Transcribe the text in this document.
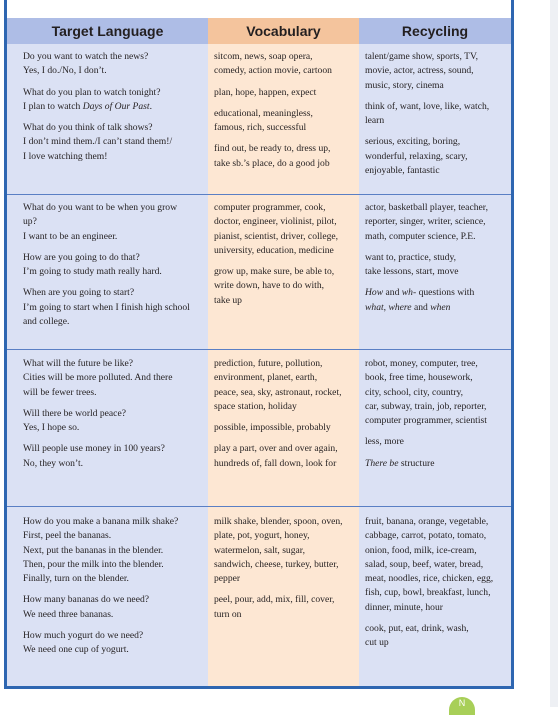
Target Language	Vocabulary	Recycling
Do you want to watch the news?
Yes, I do./No, I don’t.
What do you plan to watch tonight?
I plan to watch Days of Our Past.
What do you think of talk shows?
I don’t mind them./I can’t stand them!/
I love watching them!
sitcom, news, soap opera,
comedy, action movie, cartoon
plan, hope, happen, expect
educational, meaningless,
famous, rich, successful
find out, be ready to, dress up,
take sb.’s place, do a good job
talent/game show, sports, TV,
movie, actor, actress, sound,
music, story, cinema
think of, want, love, like, watch,
learn
serious, exciting, boring,
wonderful, relaxing, scary,
enjoyable, fantastic
What do you want to be when you grow
up?
I want to be an engineer.
How are you going to do that?
I’m going to study math really hard.
When are you going to start?
I’m going to start when I finish high school
and college.
computer programmer, cook,
doctor, engineer, violinist, pilot,
pianist, scientist, driver, college,
university, education, medicine
grow up, make sure, be able to,
write down, have to do with,
take up
actor, basketball player, teacher,
reporter, singer, writer, science,
math, computer science, P.E.
want to, practice, study,
take lessons, start, move
How and wh- questions with
what, where and when
What will the future be like?
Cities will be more polluted. And there
will be fewer trees.
Will there be world peace?
Yes, I hope so.
Will people use money in 100 years?
No, they won’t.
prediction, future, pollution,
environment, planet, earth,
peace, sea, sky, astronaut, rocket,
space station, holiday
possible, impossible, probably
play a part, over and over again,
hundreds of, fall down, look for
robot, money, computer, tree,
book, free time, housework,
city, school, city, country,
car, subway, train, job, reporter,
computer programmer, scientist
less, more
There be structure
How do you make a banana milk shake?
First, peel the bananas.
Next, put the bananas in the blender.
Then, pour the milk into the blender.
Finally, turn on the blender.
How many bananas do we need?
We need three bananas.
How much yogurt do we need?
We need one cup of yogurt.
milk shake, blender, spoon, oven,
plate, pot, yogurt, honey,
watermelon, salt, sugar,
sandwich, cheese, turkey, butter,
pepper
peel, pour, add, mix, fill, cover,
turn on
fruit, banana, orange, vegetable,
cabbage, carrot, potato, tomato,
onion, food, milk, ice-cream,
salad, soup, beef, water, bread,
meat, noodles, rice, chicken, egg,
fish, cup, bowl, breakfast, lunch,
dinner, minute, hour
cook, put, eat, drink, wash,
cut up
N
